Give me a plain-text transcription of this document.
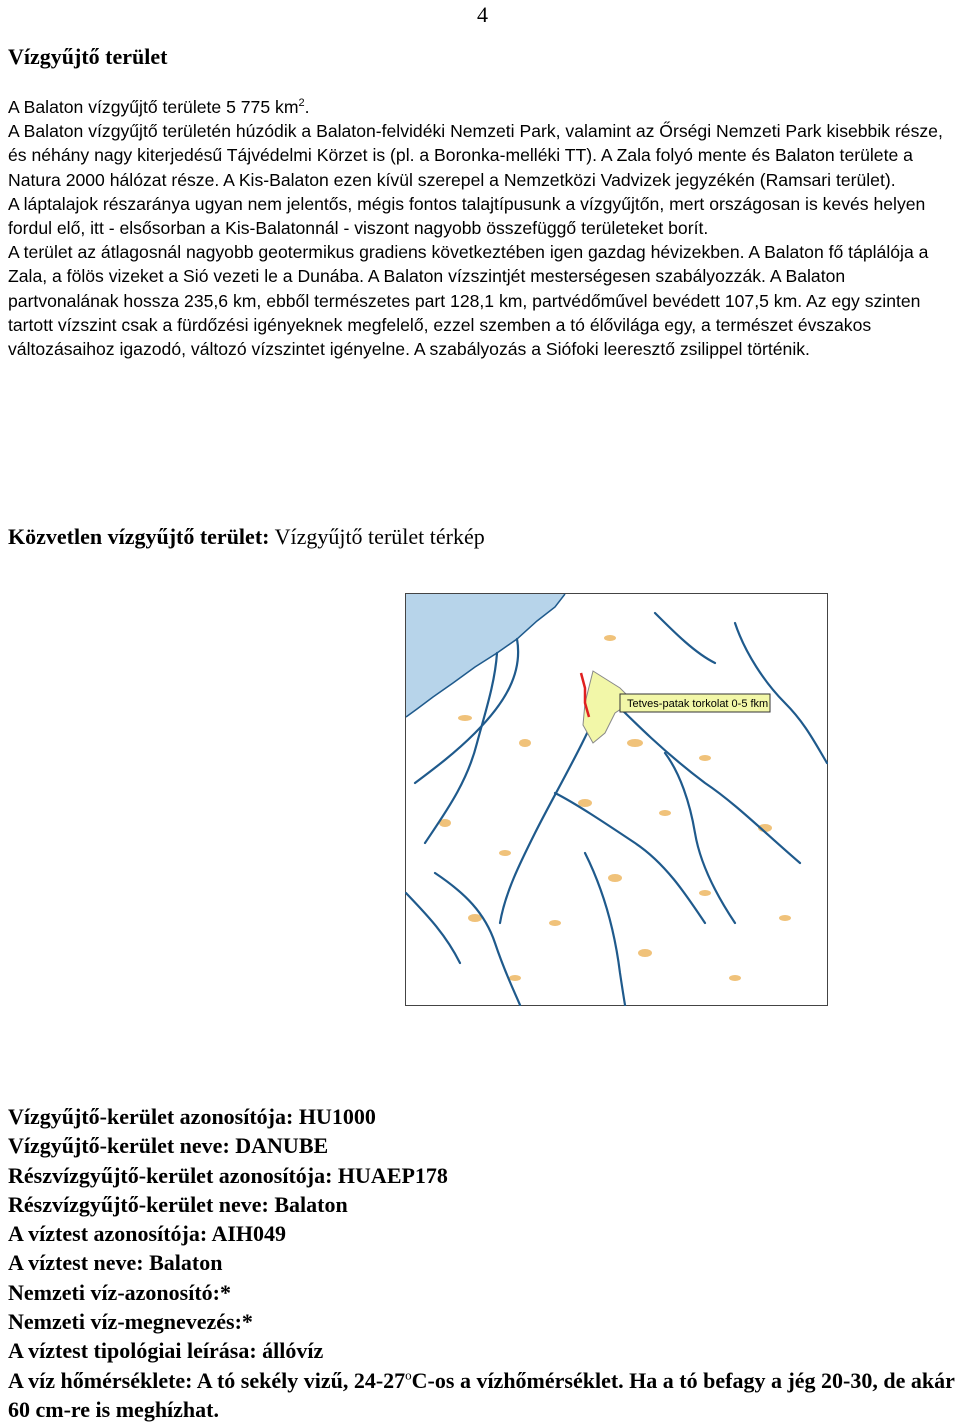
4
Vízgyűjtő terület

A Balaton vízgyűjtő területe 5 775 $km^2$.

A Balaton vízgyűjtő területén húzódik a Balaton-felvidéki Nemzeti Park, valamint az Őrségi Nemzeti Park kisebbik része, és néhány nagy kiterjedésű Tájvédelmi Körzet is (pl. a Boronka-melléki TT). A Zala folyó mente és Balaton területe a Natura 2000 hálózat része. A Kis-Balaton ezen kívül szerepel a Nemzetközi Vadvizek jegyzékén (Ramsari terület).

A láptalajok részaránya ugyan nem jelentős, mégis fontos talajtípusunk a vízgyűjtőn, mert országosan is kevés helyen fordul elő, itt - elsősorban a Kis-Balatonnál - viszont nagyobb összefüggő területeket borít.

A terület az átlagosnál nagyobb geotermikus gradiens következtében igen gazdag hévizekben. A Balaton fő táplálója a Zala, a fölös vizeket a Sió vezeti le a Dunába. A Balaton vízszintjét mesterségesen szabályozzák. A Balaton partvonalának hossza 235,6 km, ebből természetes part 128,1 km, partvédőművel bevédett 107,5 km. Az egy szinten tartott vízszint csak a fürdőzési igényeknek megfelelő, ezzel szemben a tó élővilága egy, a természet évszakos változásaihoz igazodó, változó vízszintet igényelne. A szabályozás a Siófoki leeresztő zsilippel történik.

Közvetlen vízgyűjtő terület: Vízgyűjtő terület térkép
Tetves-patak torkolat 0-5 fkm

Vízgyűjtő-kerület azonosítója: HU1000

Vízgyűjtő-kerület neve: DANUBE

Részvízgyűjtő-kerület azonosítója: HUAEP178

Részvízgyűjtő-kerület neve: Balaton

A víztest azonosítója: AIH049

A víztest neve: Balaton

Nemzeti víz-azonosító:*

Nemzeti víz-megnevezés:*

A víztest tipológiai leírása: állóvíz

A víz hőmérséklete: A tó sekély vizű, 24-27$^o$C-os a vízhőmérséklet. Ha a tó befagy a jég 20-30, de akár 60 cm-re is meghízhat.
